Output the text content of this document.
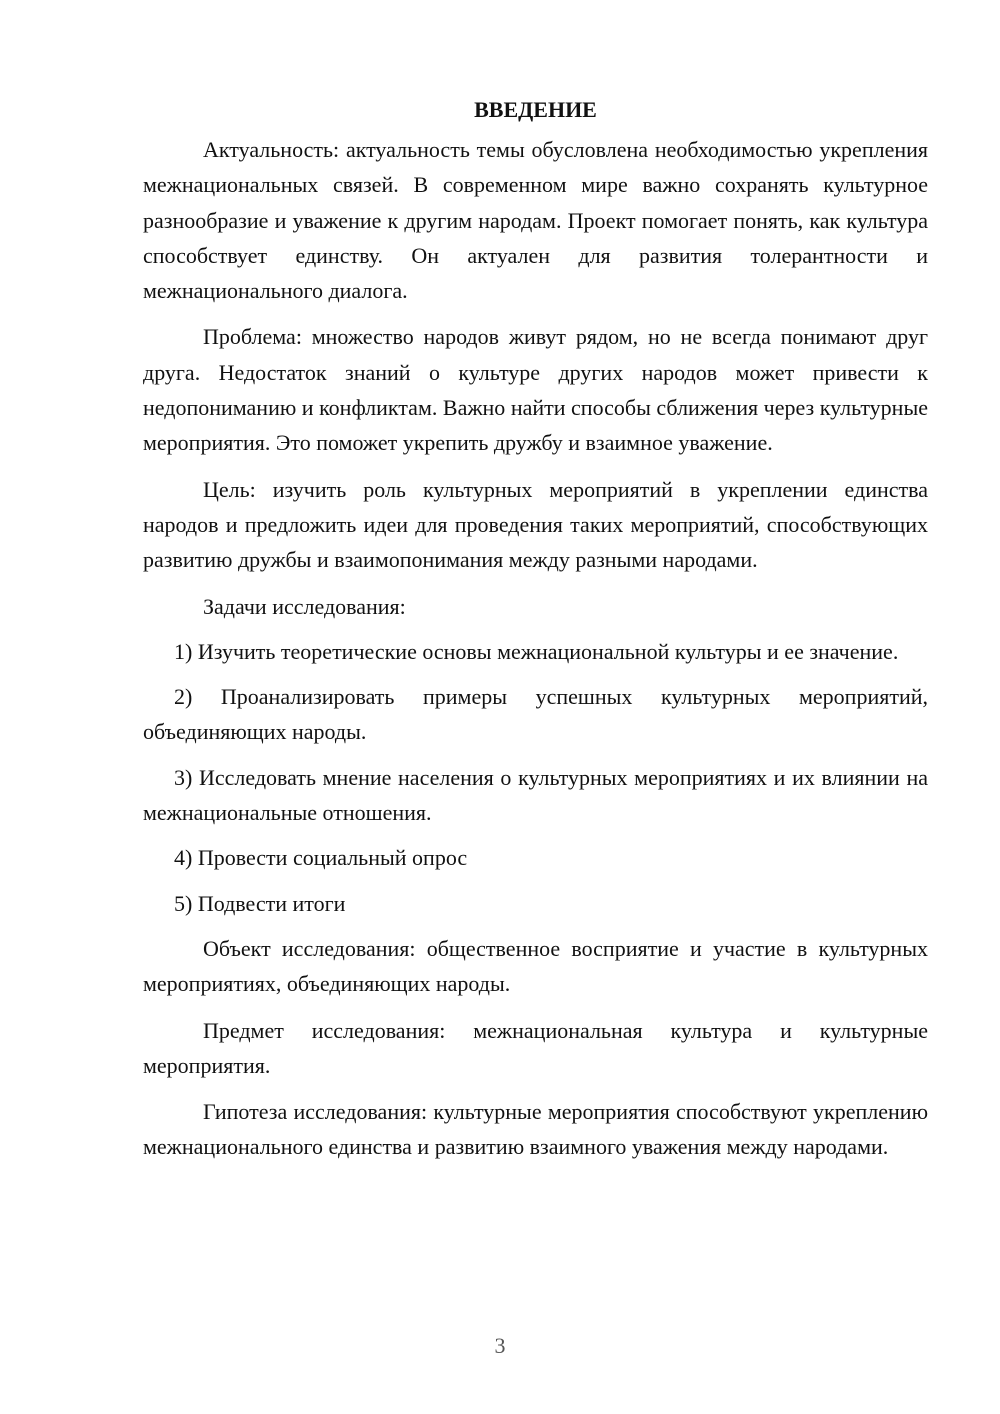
ВВЕДЕНИЕ

Актуальность: актуальность темы обусловлена необходимостью укрепления межнациональных связей. В современном мире важно сохранять культурное разнообразие и уважение к другим народам. Проект помогает понять, как культура способствует единству. Он актуален для развития толерантности и межнационального диалога.

Проблема: множество народов живут рядом, но не всегда понимают друг друга. Недостаток знаний о культуре других народов может привести к недопониманию и конфликтам. Важно найти способы сближения через культурные мероприятия. Это поможет укрепить дружбу и взаимное уважение.

Цель: изучить роль культурных мероприятий в укреплении единства народов и предложить идеи для проведения таких мероприятий, способствующих развитию дружбы и взаимопонимания между разными народами.

Задачи исследования:

1) Изучить теоретические основы межнациональной культуры и ее значение.

2) Проанализировать примеры успешных культурных мероприятий, объединяющих народы.

3) Исследовать мнение населения о культурных мероприятиях и их влиянии на межнациональные отношения.

4) Провести социальный опрос

5) Подвести итоги

Объект исследования: общественное восприятие и участие в культурных мероприятиях, объединяющих народы.

Предмет исследования: межнациональная культура и культурные мероприятия.

Гипотеза исследования: культурные мероприятия способствуют укреплению межнационального единства и развитию взаимного уважения между народами.

3
